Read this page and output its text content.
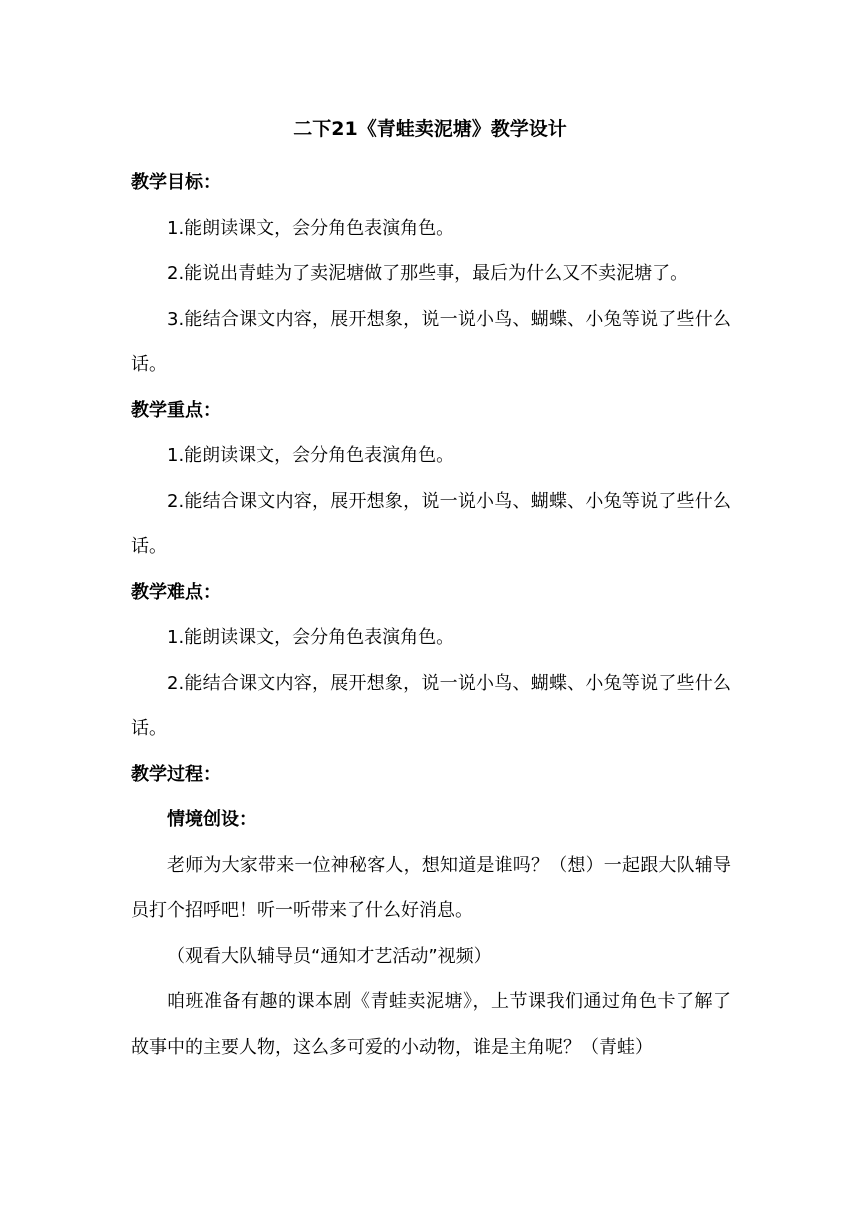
二下21《青蛙卖泥塘》教学设计
教学目标：
1.能朗读课文，会分角色表演角色。
2.能说出青蛙为了卖泥塘做了那些事，最后为什么又不卖泥塘了。
3.能结合课文内容，展开想象，说一说小鸟、蝴蝶、小兔等说了些什么话。
教学重点：
1.能朗读课文，会分角色表演角色。
2.能结合课文内容，展开想象，说一说小鸟、蝴蝶、小兔等说了些什么话。
教学难点：
1.能朗读课文，会分角色表演角色。
2.能结合课文内容，展开想象，说一说小鸟、蝴蝶、小兔等说了些什么话。
教学过程：
情境创设：
老师为大家带来一位神秘客人，想知道是谁吗？（想）一起跟大队辅导员打个招呼吧！听一听带来了什么好消息。
（观看大队辅导员“通知才艺活动”视频）
咱班准备有趣的课本剧《青蛙卖泥塘》，上节课我们通过角色卡了解了故事中的主要人物，这么多可爱的小动物，谁是主角呢？（青蛙）
